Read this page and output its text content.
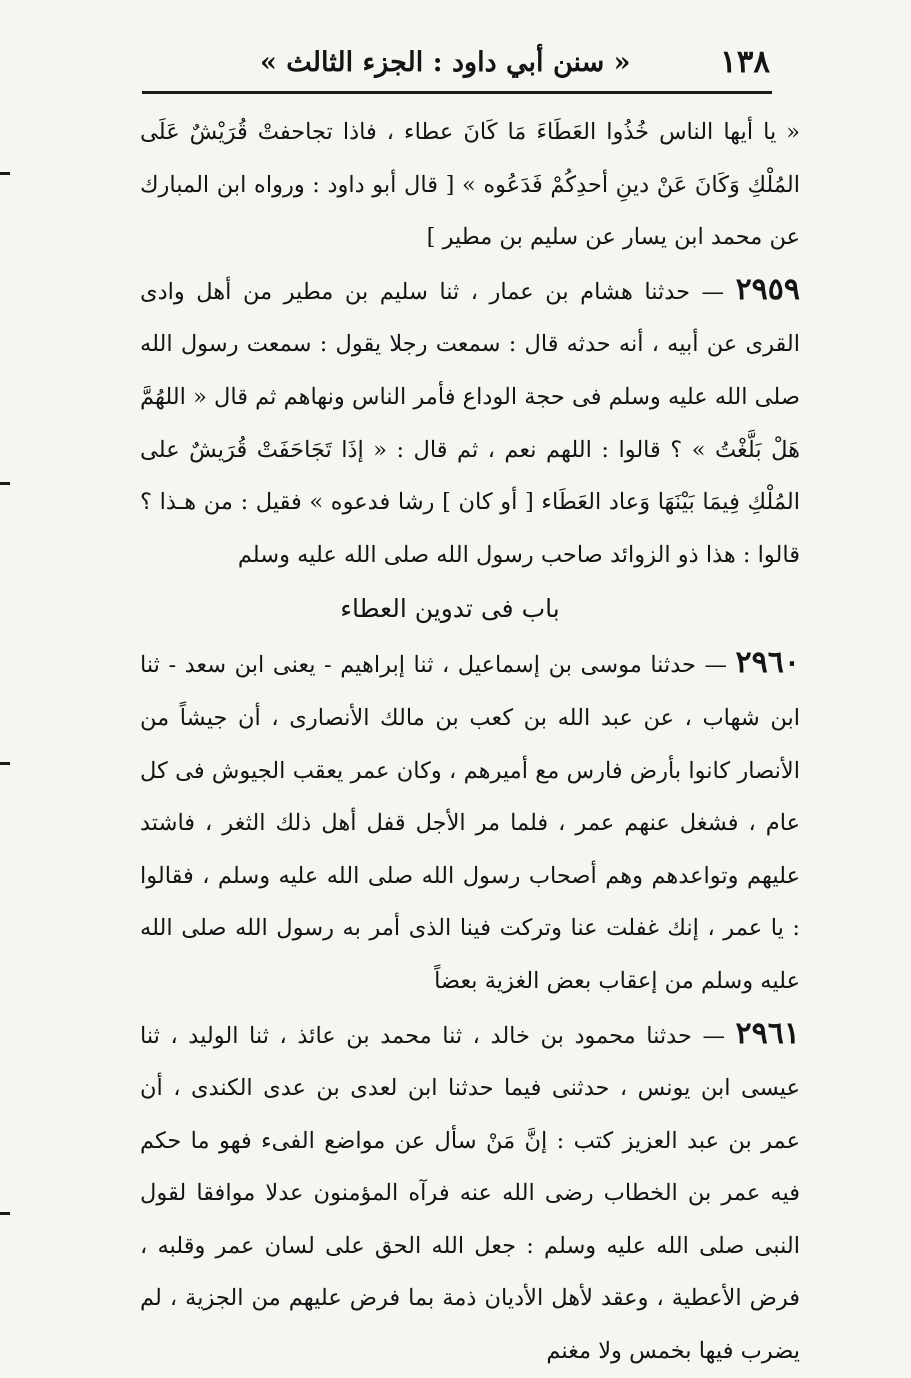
١٣٨
« سنن أبي داود : الجزء الثالث »

« يا أيها الناس خُذُوا العَطَاءَ مَا كَانَ عطاء ، فاذا تجاحفتْ قُرَيْشٌ عَلَى المُلْكِ وَكَانَ عَنْ دينِ أحدِكُمْ فَدَعُوه » [ قال أبو داود : ورواه ابن المبارك عن محمد ابن يسار عن سليم بن مطير ]

٢٩٥٩ — حدثنا هشام بن عمار ، ثنا سليم بن مطير من أهل وادى القرى عن أبيه ، أنه حدثه قال : سمعت رجلا يقول : سمعت رسول الله صلى الله عليه وسلم فى حجة الوداع فأمر الناس ونهاهم ثم قال « اللهُمَّ هَلْ بَلَّغْتُ » ؟ قالوا : اللهم نعم ، ثم قال : « إذَا تَجَاحَفَتْ قُرَيشٌ على المُلْكِ فِيمَا بَيْنَهَا وَعاد العَطَاء [ أو كان ] رشا فدعوه » فقيل : من هـذا ؟ قالوا : هذا ذو الزوائد صاحب رسول الله صلى الله عليه وسلم

باب فى تدوين العطاء

٢٩٦٠ — حدثنا موسى بن إسماعيل ، ثنا إبراهيم - يعنى ابن سعد - ثنا ابن شهاب ، عن عبد الله بن كعب بن مالك الأنصارى ، أن جيشاً من الأنصار كانوا بأرض فارس مع أميرهم ، وكان عمر يعقب الجيوش فى كل عام ، فشغل عنهم عمر ، فلما مر الأجل قفل أهل ذلك الثغر ، فاشتد عليهم وتواعدهم وهم أصحاب رسول الله صلى الله عليه وسلم ، فقالوا : يا عمر ، إنك غفلت عنا وتركت فينا الذى أمر به رسول الله صلى الله عليه وسلم من إعقاب بعض الغزية بعضاً

٢٩٦١ — حدثنا محمود بن خالد ، ثنا محمد بن عائذ ، ثنا الوليد ، ثنا عيسى ابن يونس ، حدثنى فيما حدثنا ابن لعدى بن عدى الكندى ، أن عمر بن عبد العزيز كتب : إنَّ مَنْ سأل عن مواضع الفىء فهو ما حكم فيه عمر بن الخطاب رضى الله عنه فرآه المؤمنون عدلا موافقا لقول النبى صلى الله عليه وسلم : جعل الله الحق على لسان عمر وقلبه ، فرض الأعطية ، وعقد لأهل الأديان ذمة بما فرض عليهم من الجزية ، لم يضرب فيها بخمس ولا مغنم
